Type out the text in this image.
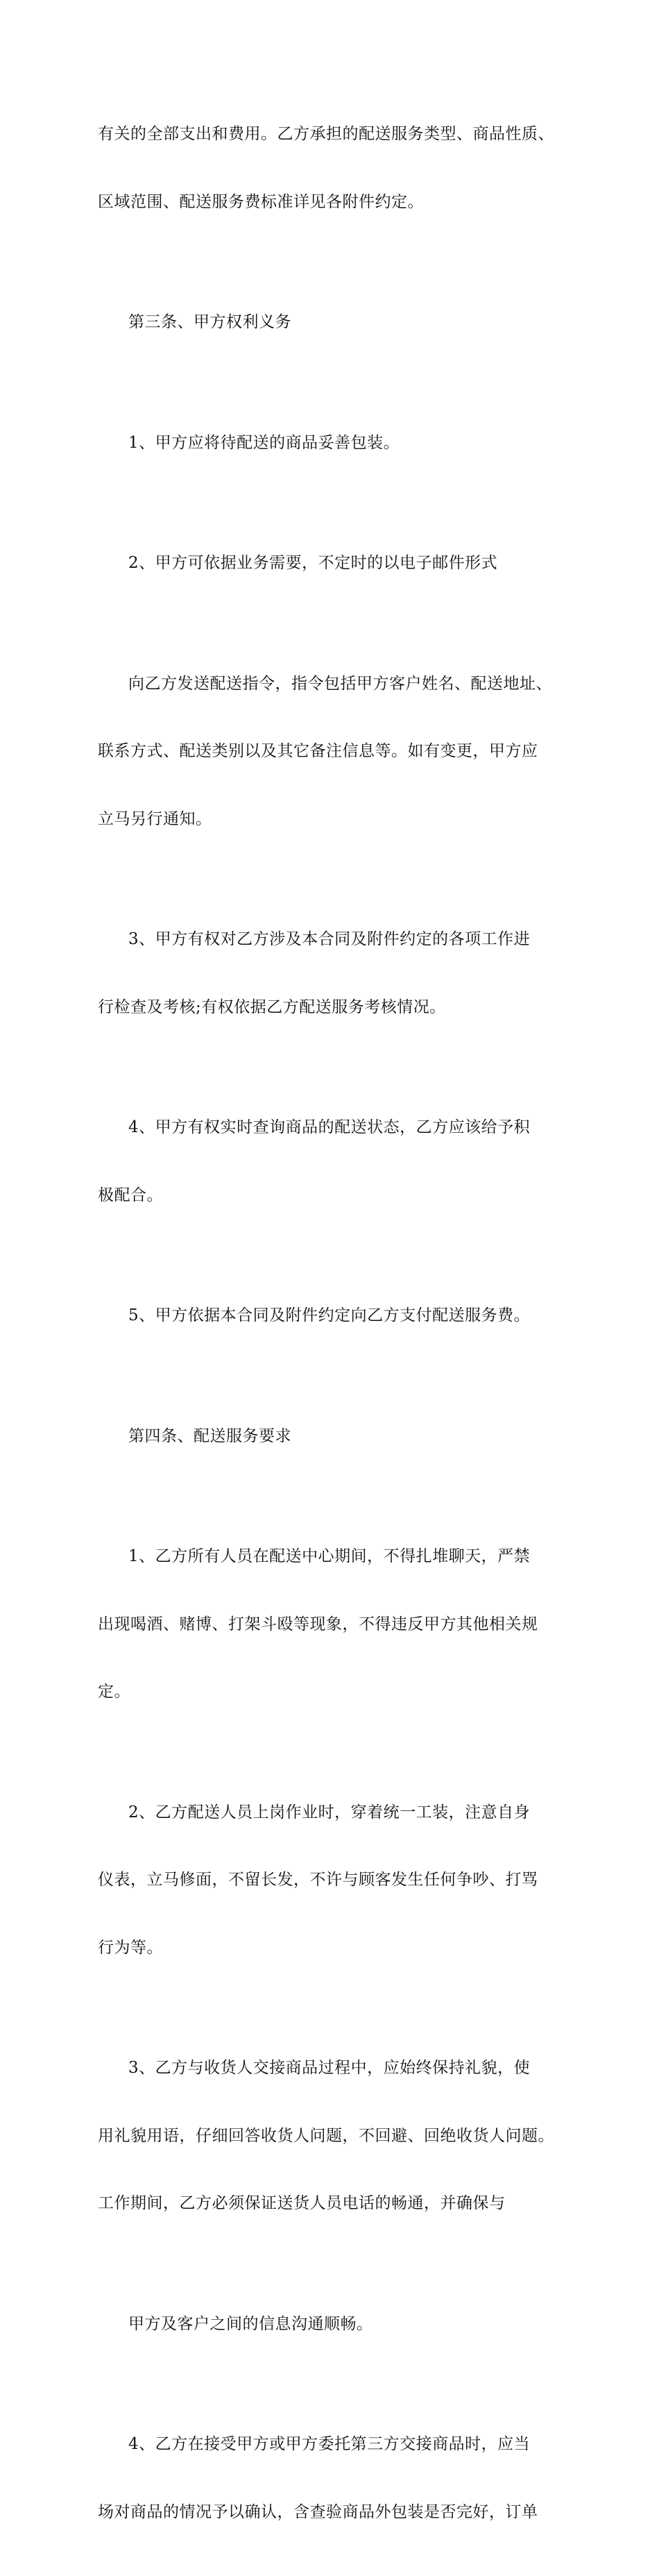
有关的全部支出和费用。乙方承担的配送服务类型、商品性质、

区域范围、配送服务费标准详见各附件约定。

第三条、甲方权利义务

1、甲方应将待配送的商品妥善包装。

2、甲方可依据业务需要，不定时的以电子邮件形式

向乙方发送配送指令，指令包括甲方客户姓名、配送地址、

联系方式、配送类别以及其它备注信息等。如有变更，甲方应

立马另行通知。

3、甲方有权对乙方涉及本合同及附件约定的各项工作进

行检查及考核;有权依据乙方配送服务考核情况。

4、甲方有权实时查询商品的配送状态，乙方应该给予积

极配合。

5、甲方依据本合同及附件约定向乙方支付配送服务费。

第四条、配送服务要求

1、乙方所有人员在配送中心期间，不得扎堆聊天，严禁

出现喝酒、赌博、打架斗殴等现象，不得违反甲方其他相关规

定。

2、乙方配送人员上岗作业时，穿着统一工装，注意自身

仪表，立马修面，不留长发，不许与顾客发生任何争吵、打骂

行为等。

3、乙方与收货人交接商品过程中，应始终保持礼貌，使

用礼貌用语，仔细回答收货人问题，不回避、回绝收货人问题。

工作期间，乙方必须保证送货人员电话的畅通，并确保与

甲方及客户之间的信息沟通顺畅。

4、乙方在接受甲方或甲方委托第三方交接商品时，应当

场对商品的情况予以确认，含查验商品外包装是否完好，订单
